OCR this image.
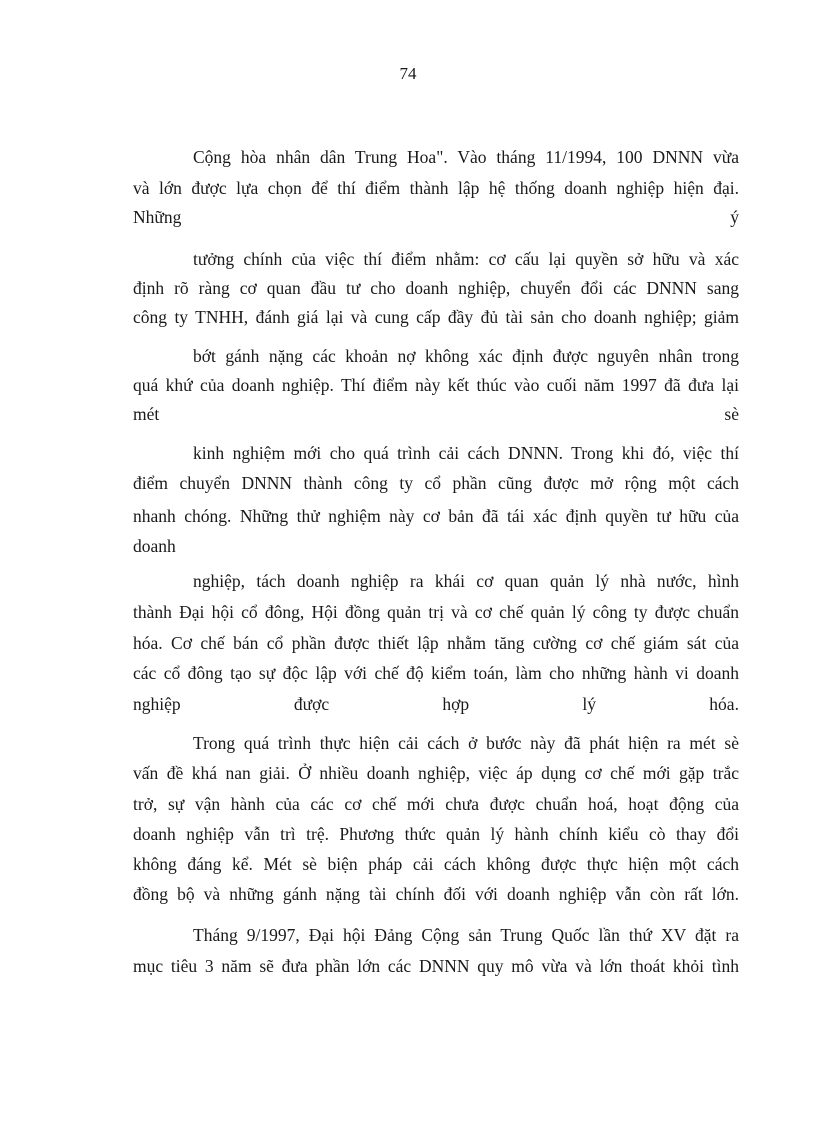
74
Cộng hòa nhân dân Trung Hoa". Vào tháng 11/1994, 100 DNNN vừa
và lớn được lựa chọn để thí điểm thành lập hệ thống doanh nghiệp hiện đại.
Những	ý
tưởng chính của việc thí điểm nhằm: cơ cấu lại quyền sở hữu và xác
định rõ ràng cơ quan đầu tư cho doanh nghiệp, chuyển đổi các DNNN sang
công ty TNHH, đánh giá lại và cung cấp đầy đủ tài sản cho doanh nghiệp; giảm
bớt gánh nặng các khoản nợ không xác định được nguyên nhân trong
quá khứ của doanh nghiệp. Thí điểm này kết thúc vào cuối năm 1997 đã đưa lại
mét	sè
kinh nghiệm mới cho quá trình cải cách DNNN. Trong khi đó, việc thí
điểm chuyển DNNN thành công ty cổ phần cũng được mở rộng một cách
nhanh chóng. Những thử nghiệm này cơ bản đã tái xác định quyền tư hữu của
doanh
nghiệp, tách doanh nghiệp ra khái cơ quan quản lý nhà nước, hình
thành Đại hội cổ đông, Hội đồng quản trị và cơ chế quản lý công ty được chuẩn
hóa. Cơ chế bán cổ phần được thiết lập nhằm tăng cường cơ chế giám sát của
các cổ đông tạo sự độc lập với chế độ kiểm toán, làm cho những hành vi doanh
nghiệp	được	hợp	lý	hóa.
Trong quá trình thực hiện cải cách ở bước này đã phát hiện ra mét sè
vấn đề khá nan giải. Ở nhiều doanh nghiệp, việc áp dụng cơ chế mới gặp trắc
trở, sự vận hành của các cơ chế mới chưa được chuẩn hoá, hoạt động của
doanh nghiệp vẫn trì trệ. Phương thức quản lý hành chính kiểu cò thay đổi
không đáng kể. Mét sè biện pháp cải cách không được thực hiện một cách
đồng bộ và những gánh nặng tài chính đối với doanh nghiệp vẫn còn rất lớn.
Tháng 9/1997, Đại hội Đảng Cộng sản Trung Quốc lần thứ XV đặt ra
mục tiêu 3 năm sẽ đưa phần lớn các DNNN quy mô vừa và lớn thoát khỏi tình
